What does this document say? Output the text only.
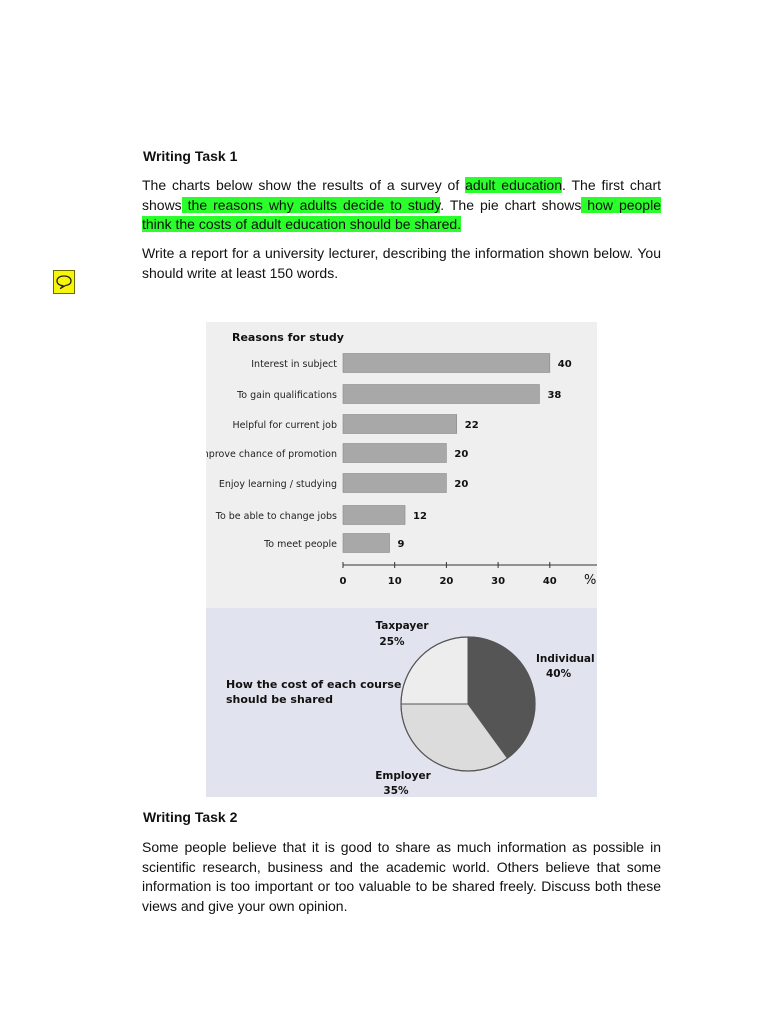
Writing Task 1

The charts below show the results of a survey of adult education. The first chart shows the reasons why adults decide to study. The pie chart shows how people think the costs of adult education should be shared.

Write a report for a university lecturer, describing the information shown below. You should write at least 150 words.

Reasons for study
Interest in subject	40
To gain qualifications	38
Helpful for current job	22
Improve chance of promotion	20
Enjoy learning / studying	20
To be able to change jobs	12
To meet people	9
0	10	20	30	40 %
How the cost of each course
should be shared
Individual
40%
Employer
35%
Taxpayer
25%
Writing Task 2

Some people believe that it is good to share as much information as possible in scientific research, business and the academic world. Others believe that some information is too important or too valuable to be shared freely. Discuss both these views and give your own opinion.
